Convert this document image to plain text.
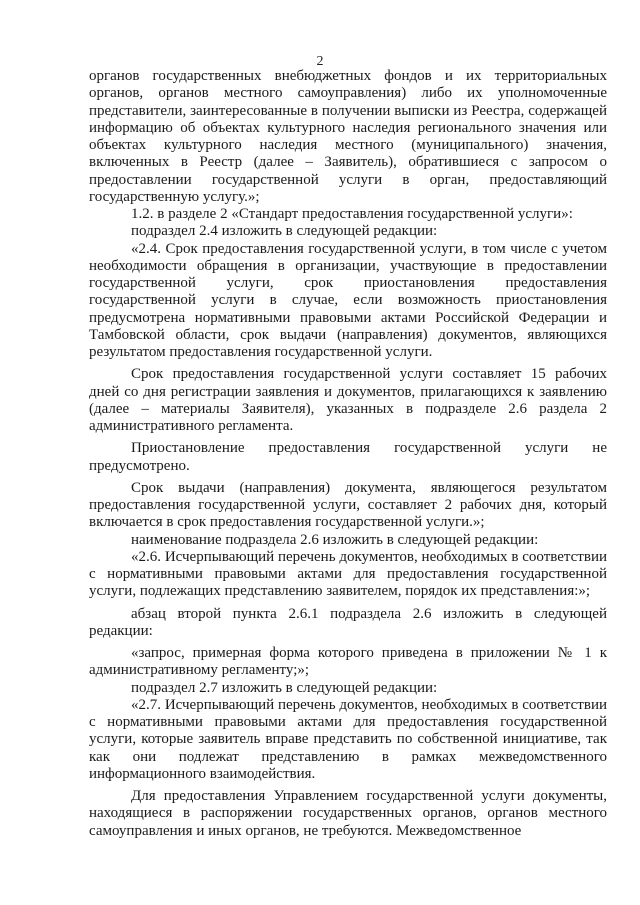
2

органов государственных внебюджетных фондов и их территориальных органов, органов местного самоуправления) либо их уполномоченные представители, заинтересованные в получении выписки из Реестра, содержащей информацию об объектах культурного наследия регионального значения или объектах культурного наследия местного (муниципального) значения, включенных в Реестр (далее – Заявитель), обратившиеся с запросом о предоставлении государственной услуги в орган, предоставляющий государственную услугу.»;

1.2. в разделе 2 «Стандарт предоставления государственной услуги»:

подраздел 2.4 изложить в следующей редакции:

«2.4. Срок предоставления государственной услуги, в том числе с учетом необходимости обращения в организации, участвующие в предоставлении государственной услуги, срок приостановления предоставления государственной услуги в случае, если возможность приостановления предусмотрена нормативными правовыми актами Российской Федерации и Тамбовской области, срок выдачи (направления) документов, являющихся результатом предоставления государственной услуги.

Срок предоставления государственной услуги составляет 15 рабочих дней со дня регистрации заявления и документов, прилагающихся к заявлению (далее – материалы Заявителя), указанных в подразделе 2.6 раздела 2 административного регламента.

Приостановление предоставления государственной услуги не предусмотрено.

Срок выдачи (направления) документа, являющегося результатом предоставления государственной услуги, составляет 2 рабочих дня, который включается в срок предоставления государственной услуги.»;

наименование подраздела 2.6 изложить в следующей редакции:

«2.6. Исчерпывающий перечень документов, необходимых в соответствии с нормативными правовыми актами для предоставления государственной услуги, подлежащих представлению заявителем, порядок их представления:»;

абзац второй пункта 2.6.1 подраздела 2.6 изложить в следующей редакции:

«запрос, примерная форма которого приведена в приложении № 1 к административному регламенту;»;

подраздел 2.7 изложить в следующей редакции:

«2.7. Исчерпывающий перечень документов, необходимых в соответствии с нормативными правовыми актами для предоставления государственной услуги, которые заявитель вправе представить по собственной инициативе, так как они подлежат представлению в рамках межведомственного информационного взаимодействия.

Для предоставления Управлением государственной услуги документы, находящиеся в распоряжении государственных органов, органов местного самоуправления и иных органов, не требуются. Межведомственное
